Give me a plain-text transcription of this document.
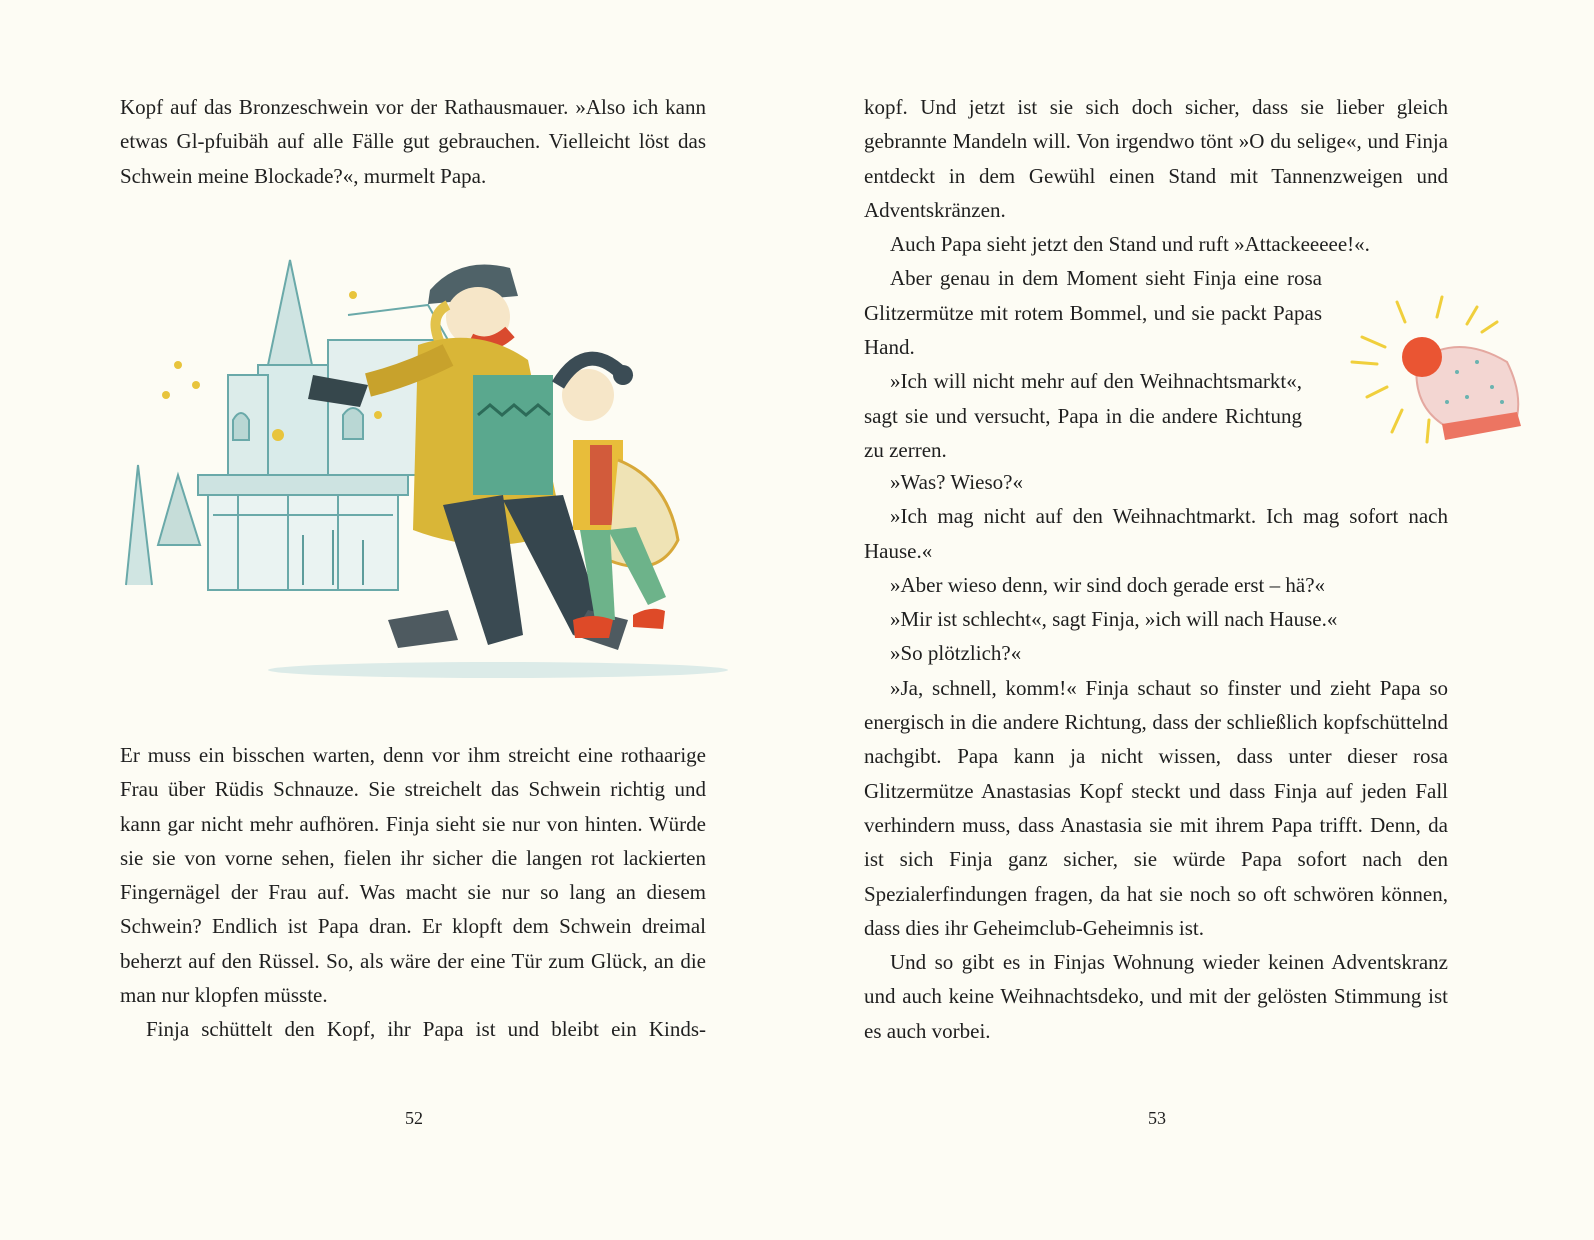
Kopf auf das Bronzeschwein vor der Rathausmauer. »Also ich kann etwas Gl-pfuibäh auf alle Fälle gut gebrauchen. Vielleicht löst das Schwein meine Blockade?«, murmelt Papa.

Er muss ein bisschen warten, denn vor ihm streicht eine rothaarige Frau über Rüdis Schnauze. Sie streichelt das Schwein richtig und kann gar nicht mehr aufhören. Finja sieht sie nur von hinten. Würde sie sie von vorne sehen, fielen ihr sicher die langen rot lackierten Fingernägel der Frau auf. Was macht sie nur so lang an diesem Schwein? Endlich ist Papa dran. Er klopft dem Schwein dreimal beherzt auf den Rüssel. So, als wäre der eine Tür zum Glück, an die man nur klopfen müsste.

Finja schüttelt den Kopf, ihr Papa ist und bleibt ein Kinds-

52

kopf. Und jetzt ist sie sich doch sicher, dass sie lieber gleich gebrannte Mandeln will. Von irgendwo tönt »O du selige«, und Finja entdeckt in dem Gewühl einen Stand mit Tannenzweigen und Adventskränzen.

Auch Papa sieht jetzt den Stand und ruft »Attackeeeee!«.

Aber genau in dem Moment sieht Finja eine rosa Glitzermütze mit rotem Bommel, und sie packt Papas Hand.

»Ich will nicht mehr auf den Weihnachtsmarkt«, sagt sie und versucht, Papa in die andere Richtung zu zerren.

»Was? Wieso?«

»Ich mag nicht auf den Weihnachtmarkt. Ich mag sofort nach Hause.«

»Aber wieso denn, wir sind doch gerade erst – hä?«

»Mir ist schlecht«, sagt Finja, »ich will nach Hause.«

»So plötzlich?«

»Ja, schnell, komm!« Finja schaut so finster und zieht Papa so energisch in die andere Richtung, dass der schließlich kopfschüttelnd nachgibt. Papa kann ja nicht wissen, dass unter dieser rosa Glitzermütze Anastasias Kopf steckt und dass Finja auf jeden Fall verhindern muss, dass Anastasia sie mit ihrem Papa trifft. Denn, da ist sich Finja ganz sicher, sie würde Papa sofort nach den Spezialerfindungen fragen, da hat sie noch so oft schwören können, dass dies ihr Geheimclub-Geheimnis ist.

Und so gibt es in Finjas Wohnung wieder keinen Adventskranz und auch keine Weihnachtsdeko, und mit der gelösten Stimmung ist es auch vorbei.

53
